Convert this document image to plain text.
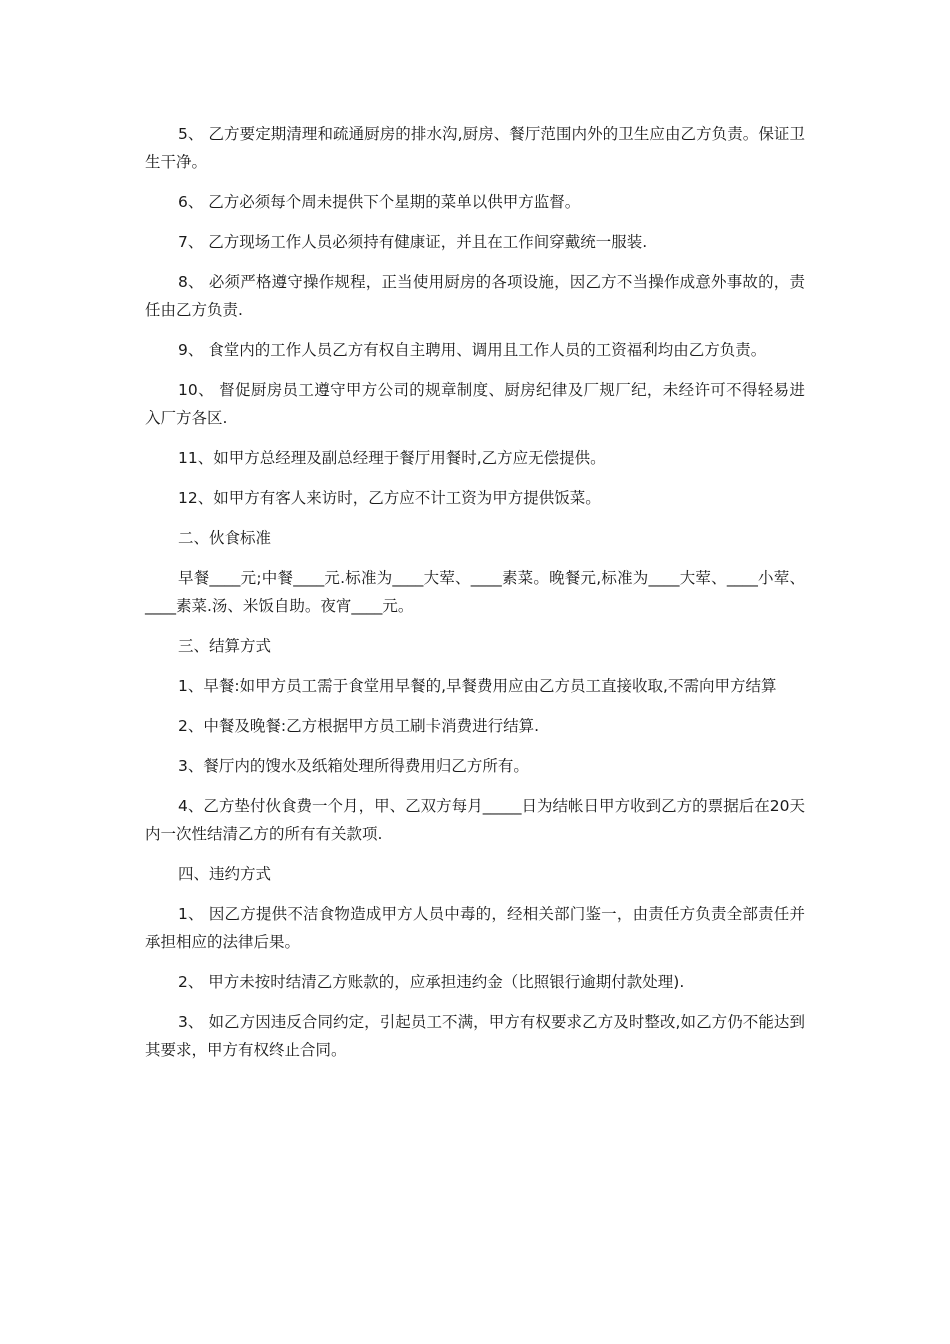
5、 乙方要定期清理和疏通厨房的排水沟,厨房、餐厅范围内外的卫生应由乙方负责。保证卫生干净。

6、 乙方必须每个周未提供下个星期的菜单以供甲方监督。

7、 乙方现场工作人员必须持有健康证，并且在工作间穿戴统一服装.

8、 必须严格遵守操作规程，正当使用厨房的各项设施，因乙方不当操作成意外事故的，责任由乙方负责.

9、 食堂内的工作人员乙方有权自主聘用、调用且工作人员的工资福利均由乙方负责。

10、 督促厨房员工遵守甲方公司的规章制度、厨房纪律及厂规厂纪，未经许可不得轻易进入厂方各区.

11、如甲方总经理及副总经理于餐厅用餐时,乙方应无偿提供。

12、如甲方有客人来访时，乙方应不计工资为甲方提供饭菜。

二、伙食标准

早餐____元;中餐____元.标准为____大荤、____素菜。晚餐元,标准为____大荤、____小荤、____素菜.汤、米饭自助。夜宵____元。

三、结算方式

1、早餐:如甲方员工需于食堂用早餐的,早餐费用应由乙方员工直接收取,不需向甲方结算

2、中餐及晚餐:乙方根据甲方员工刷卡消费进行结算.

3、餐厅内的馊水及纸箱处理所得费用归乙方所有。

4、乙方垫付伙食费一个月，甲、乙双方每月_____日为结帐日甲方收到乙方的票据后在20天内一次性结清乙方的所有有关款项.

四、违约方式

1、 因乙方提供不洁食物造成甲方人员中毒的，经相关部门鉴一，由责任方负责全部责任并承担相应的法律后果。

2、 甲方未按时结清乙方账款的，应承担违约金（比照银行逾期付款处理).

3、 如乙方因违反合同约定，引起员工不满，甲方有权要求乙方及时整改,如乙方仍不能达到其要求，甲方有权终止合同。
